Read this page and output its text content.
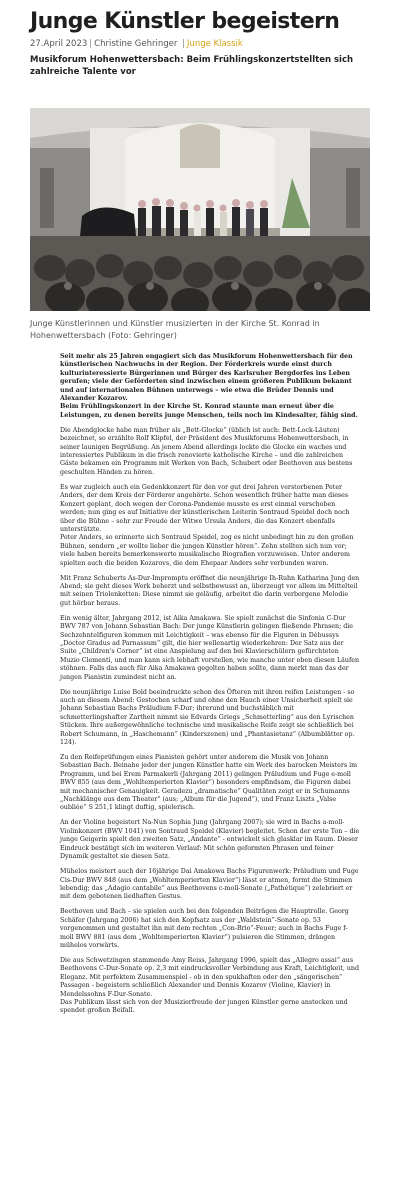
Junge Künstler begeistern
27.April 2023 | Christine Gehringer | Junge Klassik
Musikforum Hohenwettersbach: Beim Frühlingskonzertstellten sich zahlreiche Talente vor
Junge Künstlerinnen und Künstler musizierten in der Kirche St. Konrad in Hohenwettersbach (Foto: Gehringer)

Seit mehr als 25 Jahren engagiert sich das Musikforum Hohenwettersbach für den künstlerischen Nachwuchs in der Region. Der Förderkreis wurde einst durch kulturinteressierte Bürgerinnen und Bürger des Karlsruher Bergdorfes ins Leben gerufen; viele der Geförderten sind inzwischen einem größeren Publikum bekannt und auf internationalen Bühnen unterwegs – wie etwa die Brüder Dennis und Alexander Kozarov.

Beim Frühlingskonzert in der Kirche St. Konrad staunte man erneut über die Leistungen, zu denen bereits junge Menschen, teils noch im Kindesalter, fähig sind.

Die Abendglocke habe man früher als „Bett-Glocke“ (üblich ist auch: Bett-Lock-Läuten) bezeichnet, so erzählte Rolf Klipfel, der Präsident des Musikforums Hohenwettersbach, in seiner launigen Begrüßung. An jenem Abend allerdings lockte die Glocke ein waches und interessiertes Publikum in die frisch renovierte katholische Kirche – und die zahlreichen Gäste bekamen ein Programm mit Werken von Bach, Schubert oder Beethoven aus bestens geschulten Händen zu hören.

Es war zugleich auch ein Gedenkkonzert für den vor gut drei Jahren verstorbenen Peter Anders, der dem Kreis der Förderer angehörte. Schon wesentlich früher hatte man dieses Konzert geplant, doch wegen der Corona-Pandemie musste es erst einmal verschoben werden; nun ging es auf Initiative der künstlerischen Leiterin Sontraud Speidel doch noch über die Bühne – sehr zur Freude der Witwe Ursula Anders, die das Konzert ebenfalls unterstützte.

Peter Anders, so erinnerte sich Sontraud Speidel, zog es nicht unbedingt hin zu den großen Bühnen, sondern „er wollte lieber die jungen Künstler hören“. Zehn stellten sich nun vor; viele haben bereits bemerkenswerte musikalische Biografien vorzuweisen. Unter anderem spielten auch die beiden Kozarovs, die dem Ehepaar Anders sehr verbunden waren.

Mit Franz Schuberts As-Dur-Impromptu eröffnet die neunjährige Ih-Ruhn Katharina Jung den Abend; sie geht dieses Werk beherzt und selbstbewusst an, überzeugt vor allem im Mittelteil mit seinen Triolenketten: Diese nimmt sie geläufig, arbeitet die darin verborgene Melodie gut hörbar heraus.

Ein wenig älter, Jahrgang 2012, ist Aika Amakawa. Sie spielt zunächst die Sinfonia C-Dur BWV 787 von Johann Sebastian Bach: Der junge Künstlerin gelingen fließende Phrasen; die Sechzehntelfiguren kommen mit Leichtigkeit – was ebenso für die Figuren in Débussys „Doctor Gradus ad Parnassum“ gilt, die hier wellenartig wiederkehren: Der Satz aus der Suite „Children's Corner“ ist eine Anspielung auf den bei Klavierschülern gefürchteten Muzio Clementi, und man kann sich lebhaft vorstellen, wie manche unter eben diesen Läufen stöhnen. Falls das auch für Aika Amakawa gegolten haben sollte, dann merkt man das der jungen Pianistin zumindest nicht an.

Die neunjährige Luise Bold beeindruckte schon des Öfteren mit ihren reifen Leistungen - so auch an diesem Abend: Gestochen scharf und ohne den Hauch einer Unsicherheit spielt sie Johann Sebastian Bachs Präludium F-Dur; ihrerund und buchstäblich mit schmetterlingshafter Zartheit nimmt sie Edvards Griegs „Schmetterling“ aus den Lyrischen Stücken. Ihre außergewöhnliche technische und musikalische Reife zeigt sie schließlich bei Robert Schumann, in „Haschemann“ (Kinderszenen) und „Phantasietanz“ (Albumblätter op. 124).

Zu den Reifeprüfungen eines Pianisten gehört unter anderem die Musik von Johann Sebastian Bach. Beinahe jeder der jungen Künstler hatte ein Werk des barocken Meisters im Programm, und bei Erem Parmakerli (Jahrgang 2011) gelingen Präludium und Fuge e-moll BWV 855 (aus dem „Wohltemperierten Klavier“) besonders empfindsam, die Figuren dabei mit mechanischer Genauigkeit. Geradezu „dramatische“ Qualitäten zeigt er in Schumanns „Nachklänge aus dem Theater“ (aus: „Album für die Jugend“), und Franz Liszts „Valse oubliée“ S 251,1 klingt duftig, spielerisch.

An der Violine begeistert Na-Nun Sophia Jung (Jahrgang 2007); sie wird in Bachs a-moll-Violinkonzert (BWV 1041) von Sontraud Speidel (Klavier) begleitet. Schon der erste Ton – die junge Geigerin spielt den zweiten Satz, „Andante“ - entwickelt sich glasklar im Raum. Dieser Eindruck bestätigt sich im weiteren Verlauf: Mit schön geformten Phrasen und feiner Dynamik gestaltet sie diesen Satz.

Mühelos meistert auch der 16jährige Dai Amakowa Bachs Figurenwerk: Präludium und Fuge Cis-Dur BWV 848 (aus dem „Wohltemperierten Klavier“) lässt er atmen, formt die Stimmen lebendig; das „Adagio cantabile“ aus Beethovens c-moll-Sonate („Pathétique“) zelebriert er mit dem gebotenen liedhaften Gestus.

Beethoven und Bach – sie spielen auch bei den folgenden Beiträgen die Hauptrolle. Georg Schäfer (Jahrgang 2006) hat sich den Kopfsatz aus der „Waldstein“-Sonate op. 53 vorgenommen und gestaltet ihn mit dem rechten „Con-Brio“-Feuer; auch in Bachs Fuge f-moll BWV 881 (aus dem „Wohltemperierten Klavier“) pulsieren die Stimmen, drängen mühelos vorwärts.

Die aus Schwetzingen stammende Amy Reiss, Jahrgang 1996, spielt das „Allegro assai“ aus Beethovens C-Dur-Sonate op. 2,3 mit eindrucksvoller Verbindung aus Kraft, Leichtigkeit, und Eleganz. Mit perfektem Zusammenspiel - ob in den spukhaften oder den „sängerischen“ Passagen - begeistern schließlich Alexander und Dennis Kozarov (Violine, Klavier) in Mendelssohns F-Dur-Sonate.

Das Publikum lässt sich von der Musizierfreude der jungen Künstler gerne anstecken und spendet großen Beifall.
